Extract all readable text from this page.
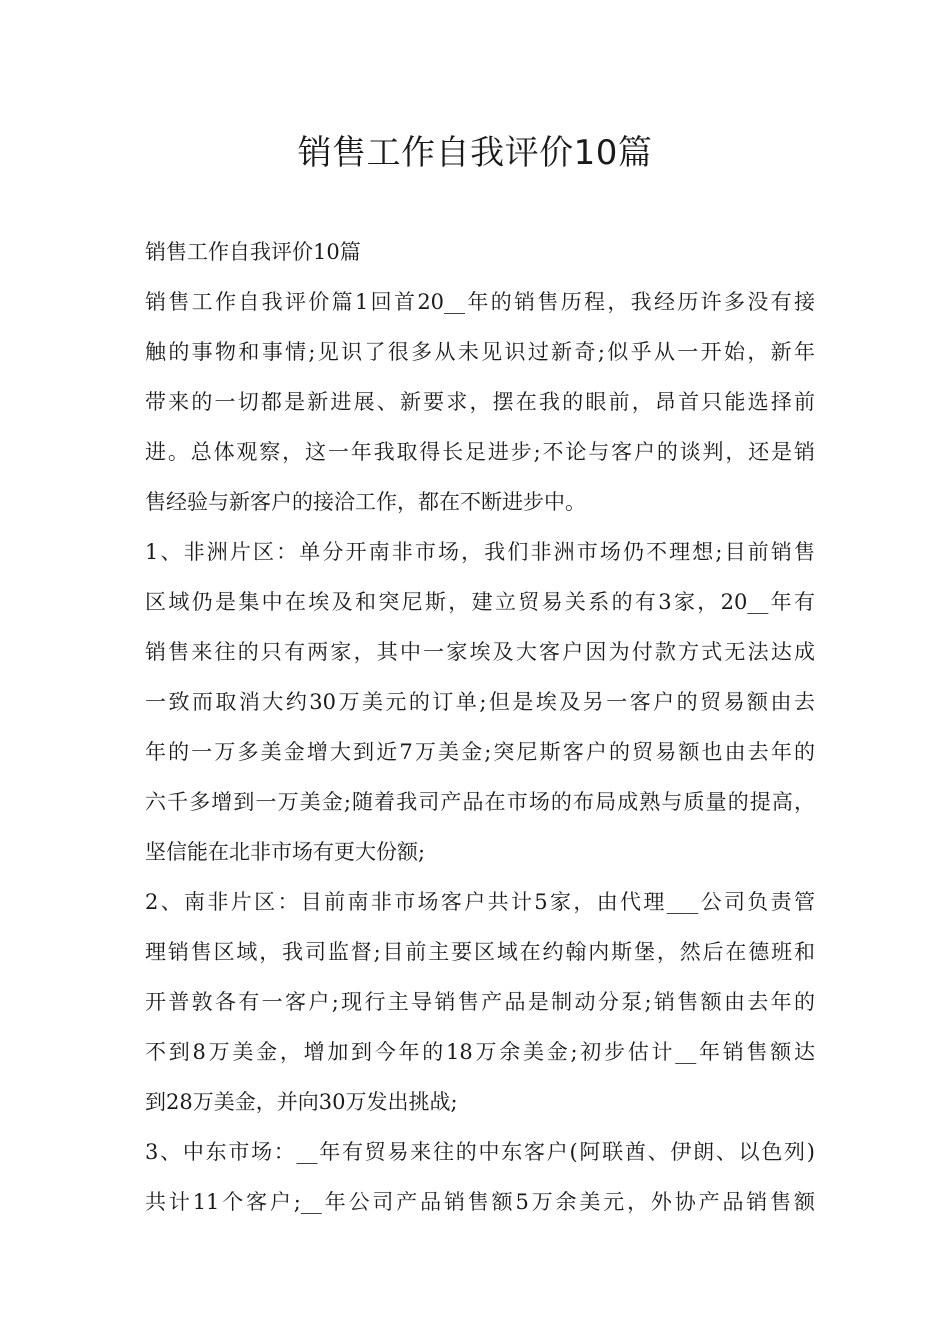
销售工作自我评价10篇

销售工作自我评价10篇

销售工作自我评价篇1回首20__年的销售历程，我经历许多没有接
触的事物和事情;见识了很多从未见识过新奇;似乎从一开始，新年
带来的一切都是新进展、新要求，摆在我的眼前，昂首只能选择前
进。总体观察，这一年我取得长足进步;不论与客户的谈判，还是销
售经验与新客户的接洽工作，都在不断进步中。

1、非洲片区：单分开南非市场，我们非洲市场仍不理想;目前销售
区域仍是集中在埃及和突尼斯，建立贸易关系的有3家，20__年有
销售来往的只有两家，其中一家埃及大客户因为付款方式无法达成
一致而取消大约30万美元的订单;但是埃及另一客户的贸易额由去
年的一万多美金增大到近7万美金;突尼斯客户的贸易额也由去年的
六千多增到一万美金;随着我司产品在市场的布局成熟与质量的提高，
坚信能在北非市场有更大份额;

2、南非片区：目前南非市场客户共计5家，由代理___公司负责管
理销售区域，我司监督;目前主要区域在约翰内斯堡，然后在德班和
开普敦各有一客户;现行主导销售产品是制动分泵;销售额由去年的
不到8万美金，增加到今年的18万余美金;初步估计__年销售额达
到28万美金，并向30万发出挑战;

3、中东市场：__年有贸易来往的中东客户(阿联酋、伊朗、以色列)
共计11个客户;__年公司产品销售额5万余美元，外协产品销售额
